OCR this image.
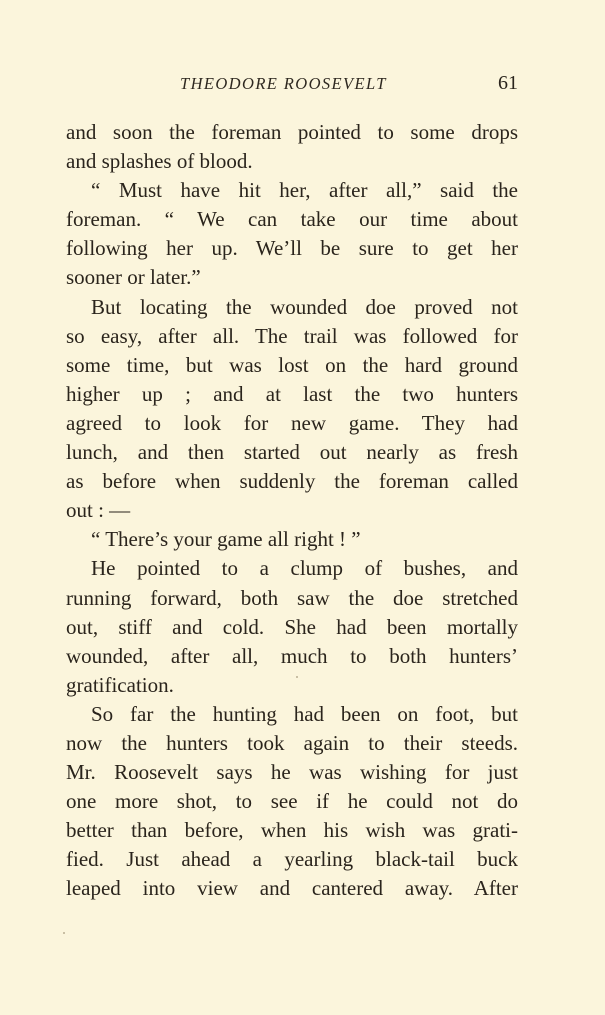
THEODORE ROOSEVELT	61
and soon the foreman pointed to some drops
and splashes of blood.
“ Must have hit her, after all,” said the
foreman. “ We can take our time about
following her up. We’ll be sure to get her
sooner or later.”
But locating the wounded doe proved not
so easy, after all. The trail was followed for
some time, but was lost on the hard ground
higher up ; and at last the two hunters
agreed to look for new game. They had
lunch, and then started out nearly as fresh
as before when suddenly the foreman called
out : —
“ There’s your game all right ! ”
He pointed to a clump of bushes, and
running forward, both saw the doe stretched
out, stiff and cold. She had been mortally
wounded, after all, much to both hunters’
gratification.
So far the hunting had been on foot, but
now the hunters took again to their steeds.
Mr. Roosevelt says he was wishing for just
one more shot, to see if he could not do
better than before, when his wish was grati-
fied. Just ahead a yearling black-tail buck
leaped into view and cantered away. After
